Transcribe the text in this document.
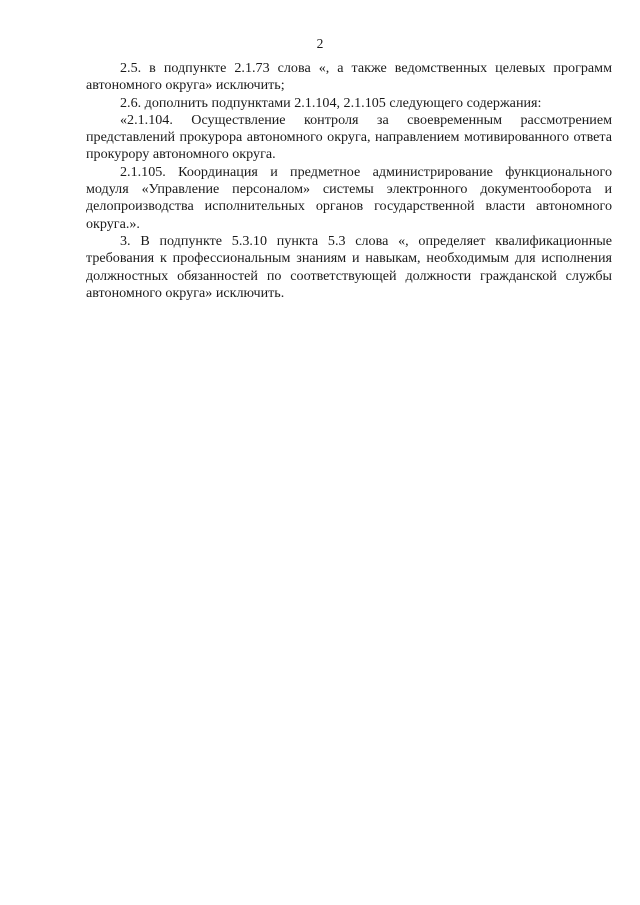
2

2.5. в подпункте 2.1.73 слова «, а также ведомственных целевых программ автономного округа» исключить;

2.6. дополнить подпунктами 2.1.104, 2.1.105 следующего содержания:

«2.1.104. Осуществление контроля за своевременным рассмотрением представлений прокурора автономного округа, направлением мотивированного ответа прокурору автономного округа.

2.1.105. Координация и предметное администрирование функционального модуля «Управление персоналом» системы электронного документооборота и делопроизводства исполнительных органов государственной власти автономного округа.».

3. В подпункте 5.3.10 пункта 5.3 слова «, определяет квалификационные требования к профессиональным знаниям и навыкам, необходимым для исполнения должностных обязанностей по соответствующей должности гражданской службы автономного округа» исключить.
